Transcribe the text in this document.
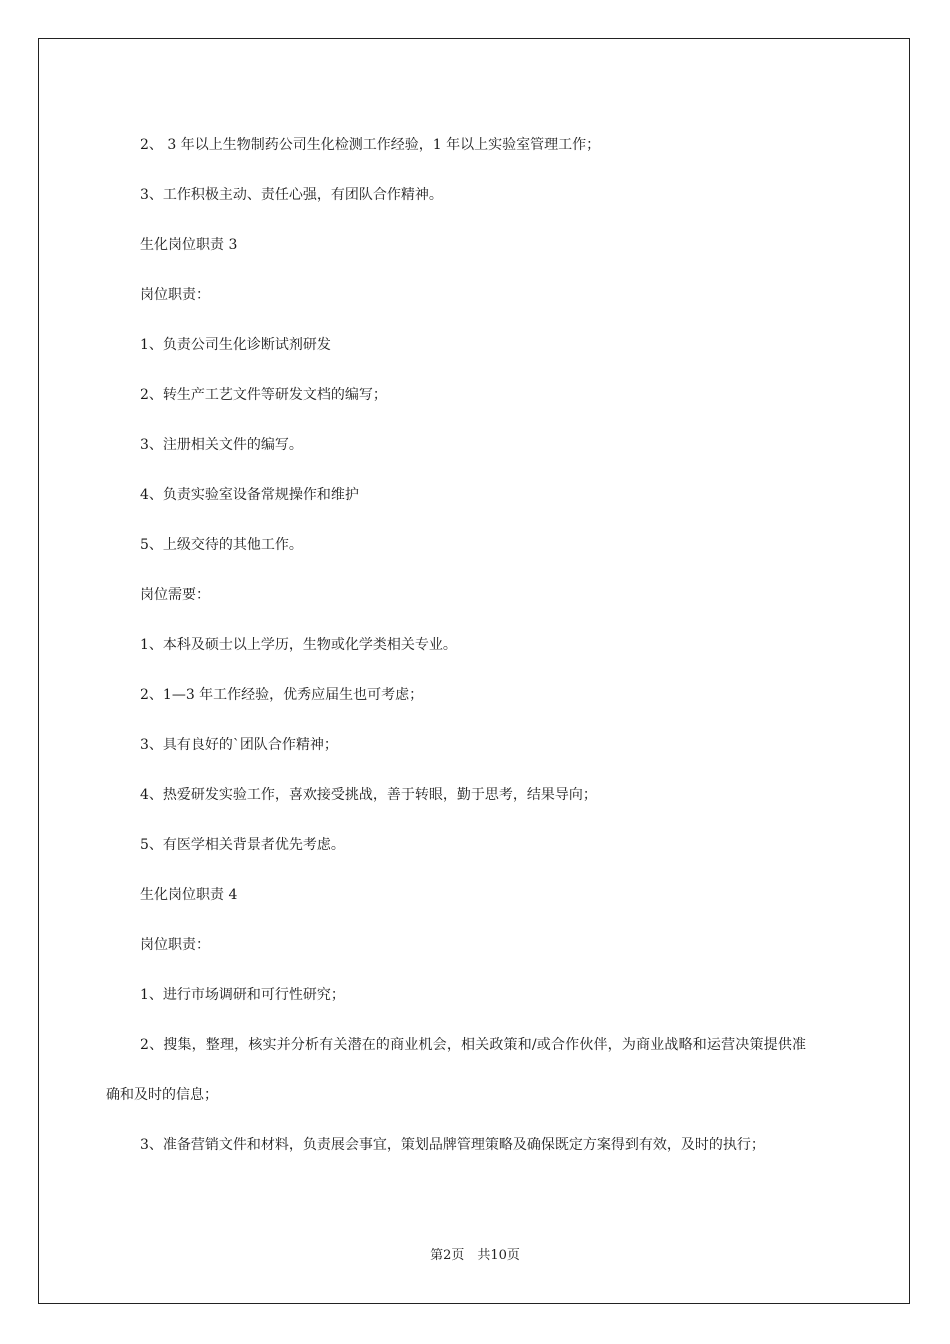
2、 3 年以上生物制药公司生化检测工作经验，1 年以上实验室管理工作；

3、工作积极主动、责任心强，有团队合作精神。

生化岗位职责 3

岗位职责：

1、负责公司生化诊断试剂研发

2、转生产工艺文件等研发文档的编写；

3、注册相关文件的编写。

4、负责实验室设备常规操作和维护

5、上级交待的其他工作。

岗位需要：

1、本科及硕士以上学历，生物或化学类相关专业。

2、1—3 年工作经验，优秀应届生也可考虑；

3、具有良好的`团队合作精神；

4、热爱研发实验工作，喜欢接受挑战，善于转眼，勤于思考，结果导向；

5、有医学相关背景者优先考虑。

生化岗位职责 4

岗位职责：

1、进行市场调研和可行性研究；

2、搜集，整理，核实并分析有关潜在的商业机会，相关政策和/或合作伙伴，为商业战略和运营决策提供准确和及时的信息；

3、准备营销文件和材料，负责展会事宜，策划品牌管理策略及确保既定方案得到有效，及时的执行；

第2页　共10页
